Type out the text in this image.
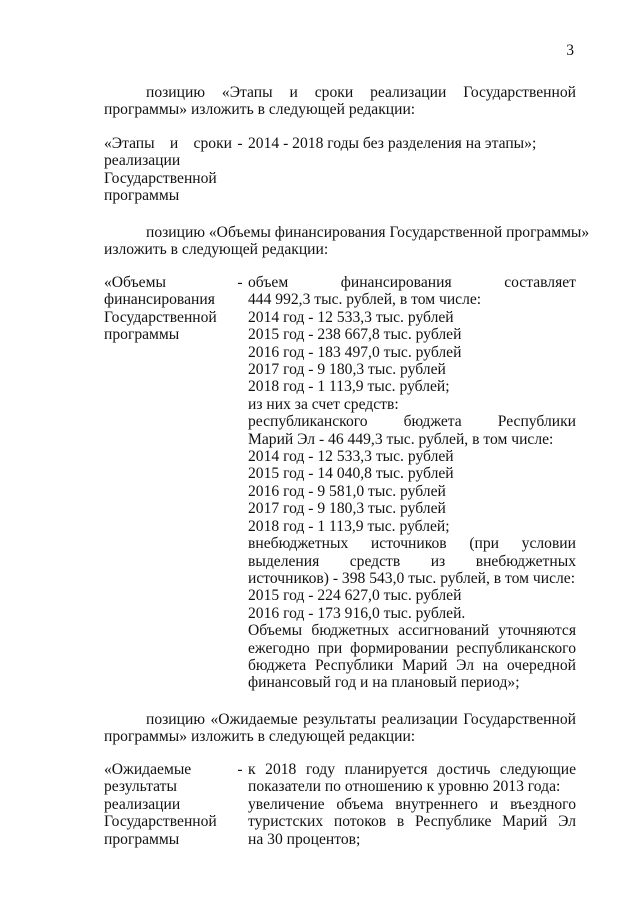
3
позицию «Этапы и сроки реализации Государственной
программы» изложить в следующей редакции:
«Этапы и сроки
реализации
Государственной
программы
- 2014 - 2018 годы без разделения на этапы»;
позицию «Объемы финансирования Государственной программы»
изложить в следующей редакции:
«Объемы
финансирования
Государственной
программы
- объем финансирования составляет
444 992,3 тыс. рублей, в том числе:
2014 год - 12 533,3 тыс. рублей
2015 год - 238 667,8 тыс. рублей
2016 год - 183 497,0 тыс. рублей
2017 год - 9 180,3 тыс. рублей
2018 год - 1 113,9 тыс. рублей;
из них за счет средств:
республиканского бюджета Республики
Марий Эл - 46 449,3 тыс. рублей, в том числе:
2014 год - 12 533,3 тыс. рублей
2015 год - 14 040,8 тыс. рублей
2016 год - 9 581,0 тыс. рублей
2017 год - 9 180,3 тыс. рублей
2018 год - 1 113,9 тыс. рублей;
внебюджетных источников (при условии
выделения средств из внебюджетных
источников) - 398 543,0 тыс. рублей, в том числе:
2015 год - 224 627,0 тыс. рублей
2016 год - 173 916,0 тыс. рублей.
Объемы бюджетных ассигнований уточняются
ежегодно при формировании республиканского
бюджета Республики Марий Эл на очередной
финансовый год и на плановый период»;
позицию «Ожидаемые результаты реализации Государственной
программы» изложить в следующей редакции:
«Ожидаемые
результаты
реализации
Государственной
программы
- к 2018 году планируется достичь следующие
показатели по отношению к уровню 2013 года:
увеличение объема внутреннего и въездного
туристских потоков в Республике Марий Эл
на 30 процентов;
